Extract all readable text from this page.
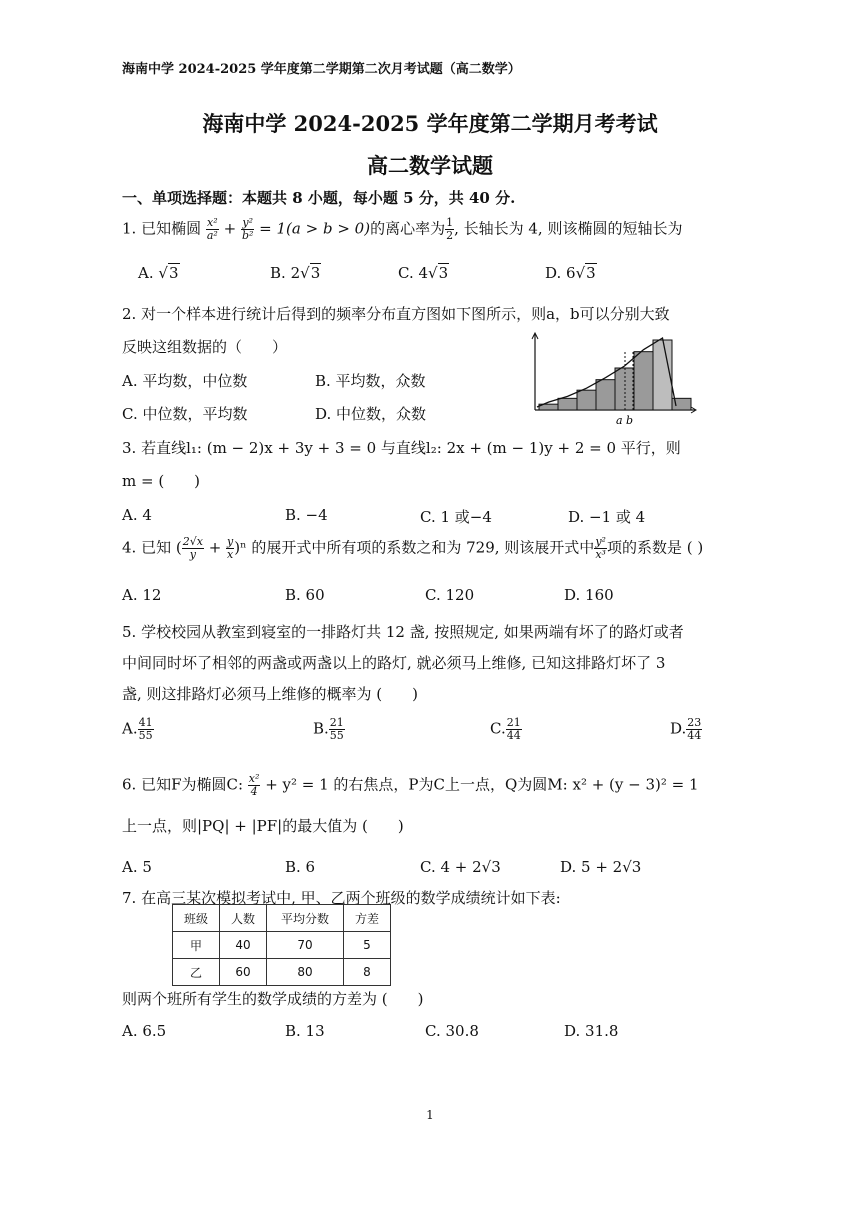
海南中学 2024-2025 学年度第二学期第二次月考试题（高二数学）
海南中学 2024-2025 学年度第二学期月考考试
高二数学试题
一、单项选择题：本题共 8 小题，每小题 5 分，共 40 分.
1. 已知椭圆 $\frac{\text{x²}}{\text{a²}} + \frac{\text{y²}}{\text{b²}} = 1(a > b > 0)$的离心率为 $\frac{1}{2}$ , 长轴长为 4, 则该椭圆的短轴长为
A. √3	B. 2√3	C. 4√3	D. 6√3
2. 对一个样本进行统计后得到的频率分布直方图如下图所示，则a，b可以分别大致
反映这组数据的（　　）
A. 平均数，中位数	B. 平均数，众数
C. 中位数，平均数	D. 中位数，众数	a b
3. 若直线l₁: (m − 2)x + 3y + 3 = 0 与直线l₂: 2x + (m − 1)y + 2 = 0 平行，则
m = (　　)
A. 4	B. −4	C. 1 或−4	D. −1 或 4
4. 已知 ( $\frac{2√x}{y} + \frac{y}{x} )^n$ 的展开式中所有项的系数之和为 729, 则该展开式中 $\frac{\text{y²}}{\text{x³}}$ 项的系数是 ( )
A. 12	B. 60	C. 120	D. 160
5. 学校校园从教室到寝室的一排路灯共 12 盏, 按照规定, 如果两端有坏了的路灯或者
中间同时坏了相邻的两盏或两盏以上的路灯, 就必须马上维修, 已知这排路灯坏了 3
盏, 则这排路灯必须马上维修的概率为 (　　)
A. $\frac{41}{55}$	B. $\frac{21}{55}$	C. $\frac{21}{44}$	D. $\frac{23}{44}$
6. 已知F为椭圆C: $\frac{\text{x²}}{4} + y^2 = 1$ 的右焦点，P为C上一点，Q为圆M: x² + (y − 3)² = 1
上一点，则|PQ| + |PF|的最大值为 (　　)
A. 5	B. 6	C. 4 + 2√3	D. 5 + 2√3
7. 在高三某次模拟考试中, 甲、乙两个班级的数学成绩统计如下表:
班级	人数	平均分数	方差
甲	40	70	5
乙	60	80	8
则两个班所有学生的数学成绩的方差为 (　　)
A. 6.5	B. 13	C. 30.8	D. 31.8
1
